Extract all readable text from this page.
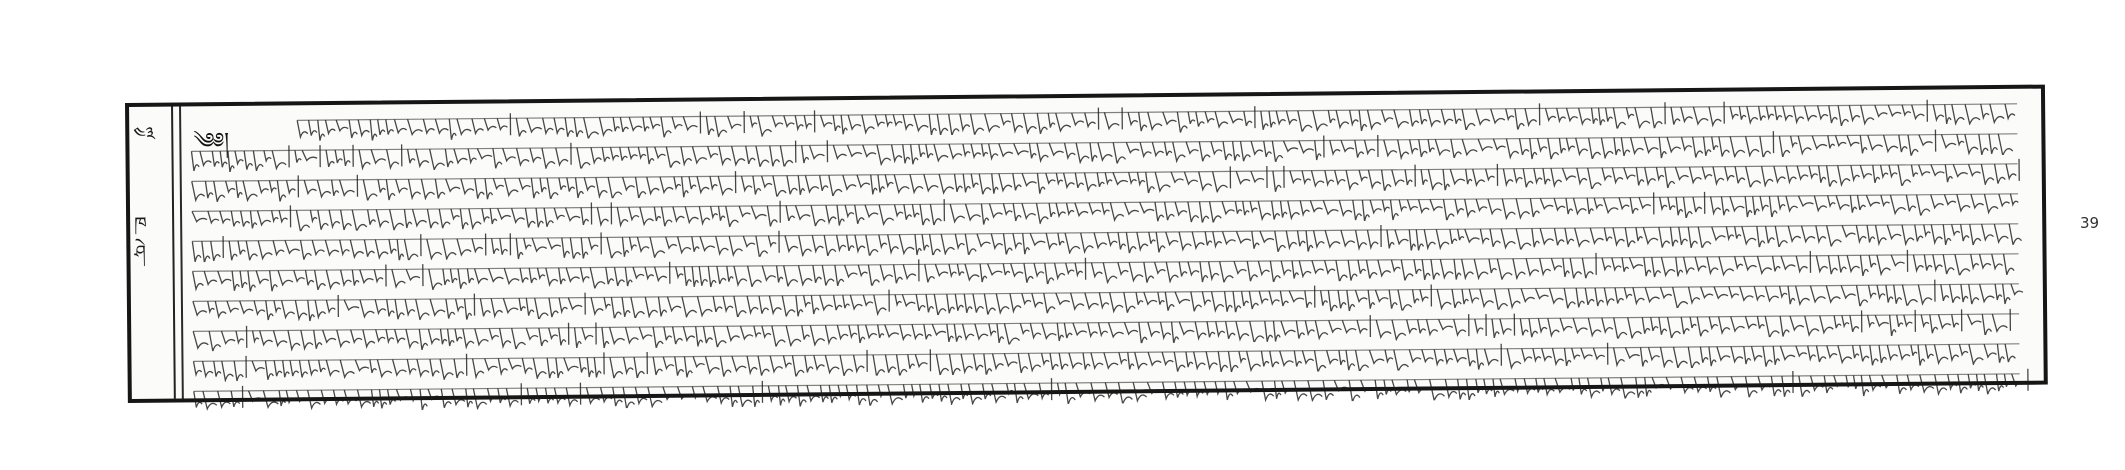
༤༣
ཁ
ཤེ
༄༅།
39
